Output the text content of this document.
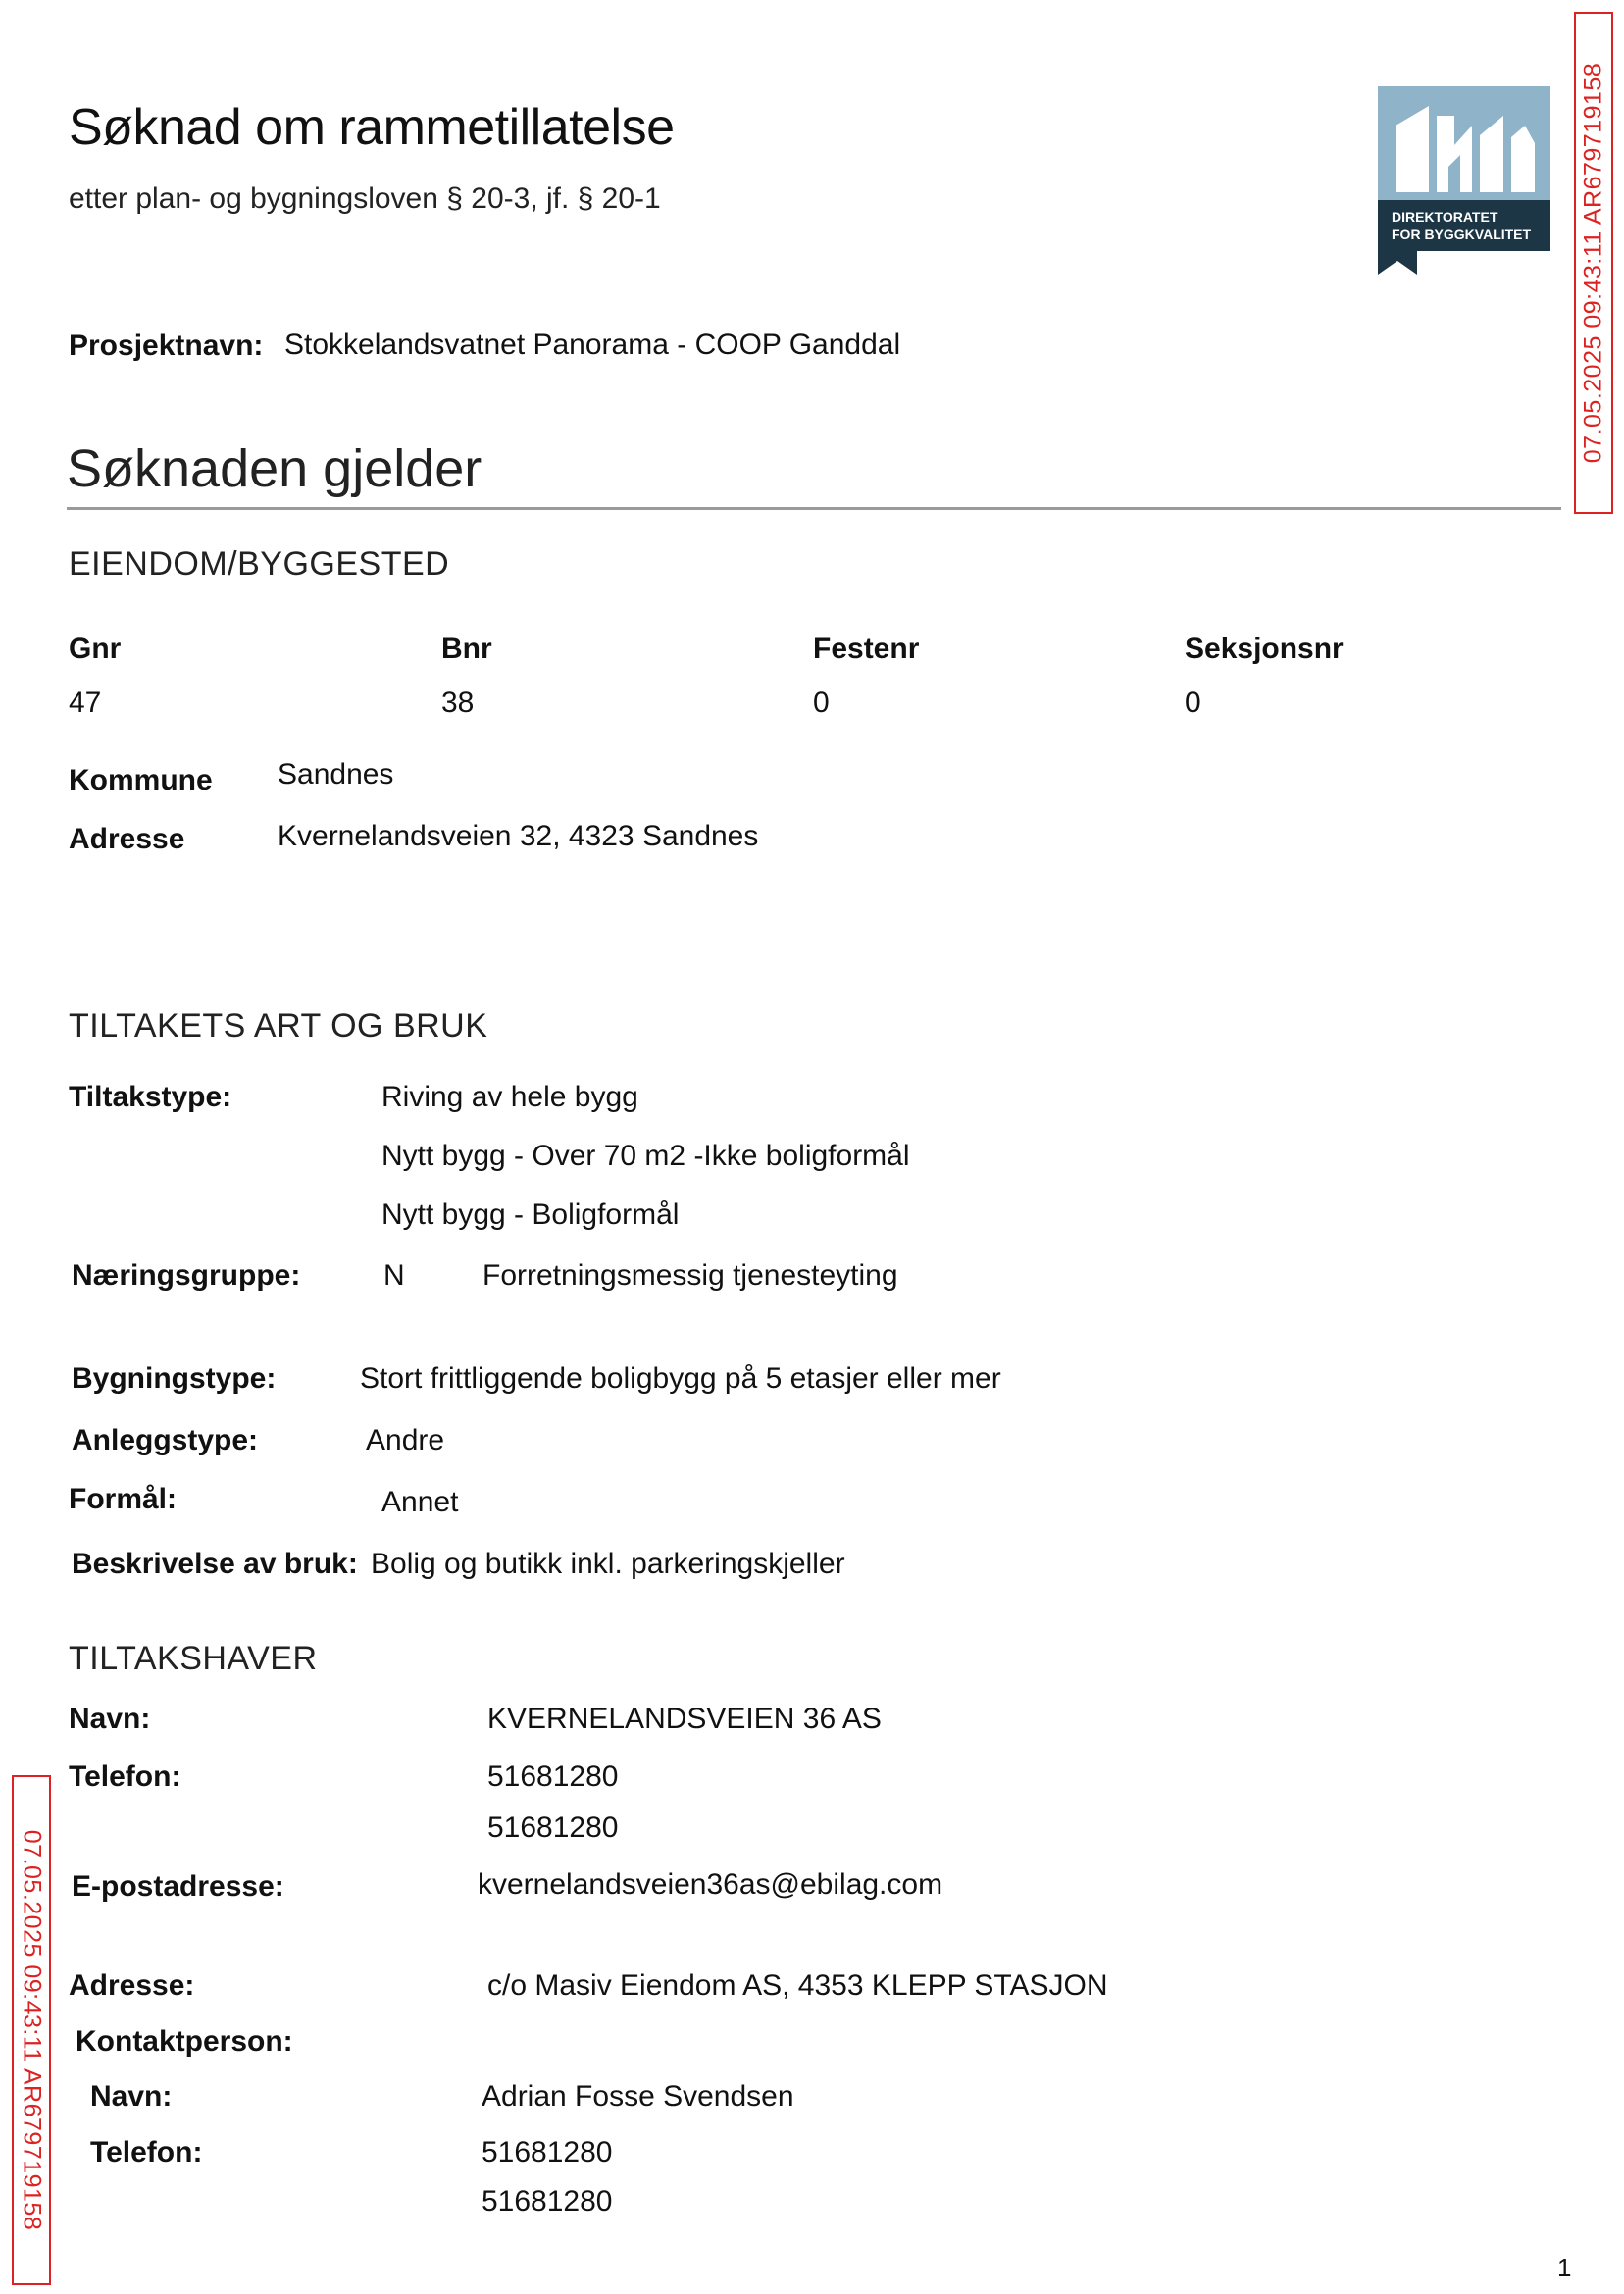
Søknad om rammetillatelse
etter plan- og bygningsloven § 20-3, jf. § 20-1
DIREKTORATET
FOR BYGGKVALITET 07.05.2025 09:43:11 AR679719158
07.05.2025 09:43:11 AR679719158
Prosjektnavn: Stokkelandsvatnet Panorama - COOP Ganddal
Søknaden gjelder
EIENDOM/BYGGESTED
Gnr	Bnr	Festenr	Seksjonsnr
47	38	0	0
Kommune Sandnes
Adresse	Kvernelandsveien 32, 4323 Sandnes
TILTAKETS ART OG BRUK
Tiltakstype:	Riving av hele bygg
Nytt bygg - Over 70 m2 -Ikke boligformål
Nytt bygg - Boligformål
Næringsgruppe:	N	Forretningsmessig tjenesteyting
Bygningstype:	Stort frittliggende boligbygg på 5 etasjer eller mer
Anleggstype:	Andre
Formål:	Annet
Beskrivelse av bruk: Bolig og butikk inkl. parkeringskjeller
TILTAKSHAVER
Navn:	KVERNELANDSVEIEN 36 AS
Telefon:	51681280
51681280
E-postadresse:	kvernelandsveien36as@ebilag.com
Adresse:	c/o Masiv Eiendom AS, 4353 KLEPP STASJON
Kontaktperson:
Navn:	Adrian Fosse Svendsen
Telefon:	51681280
51681280
1
